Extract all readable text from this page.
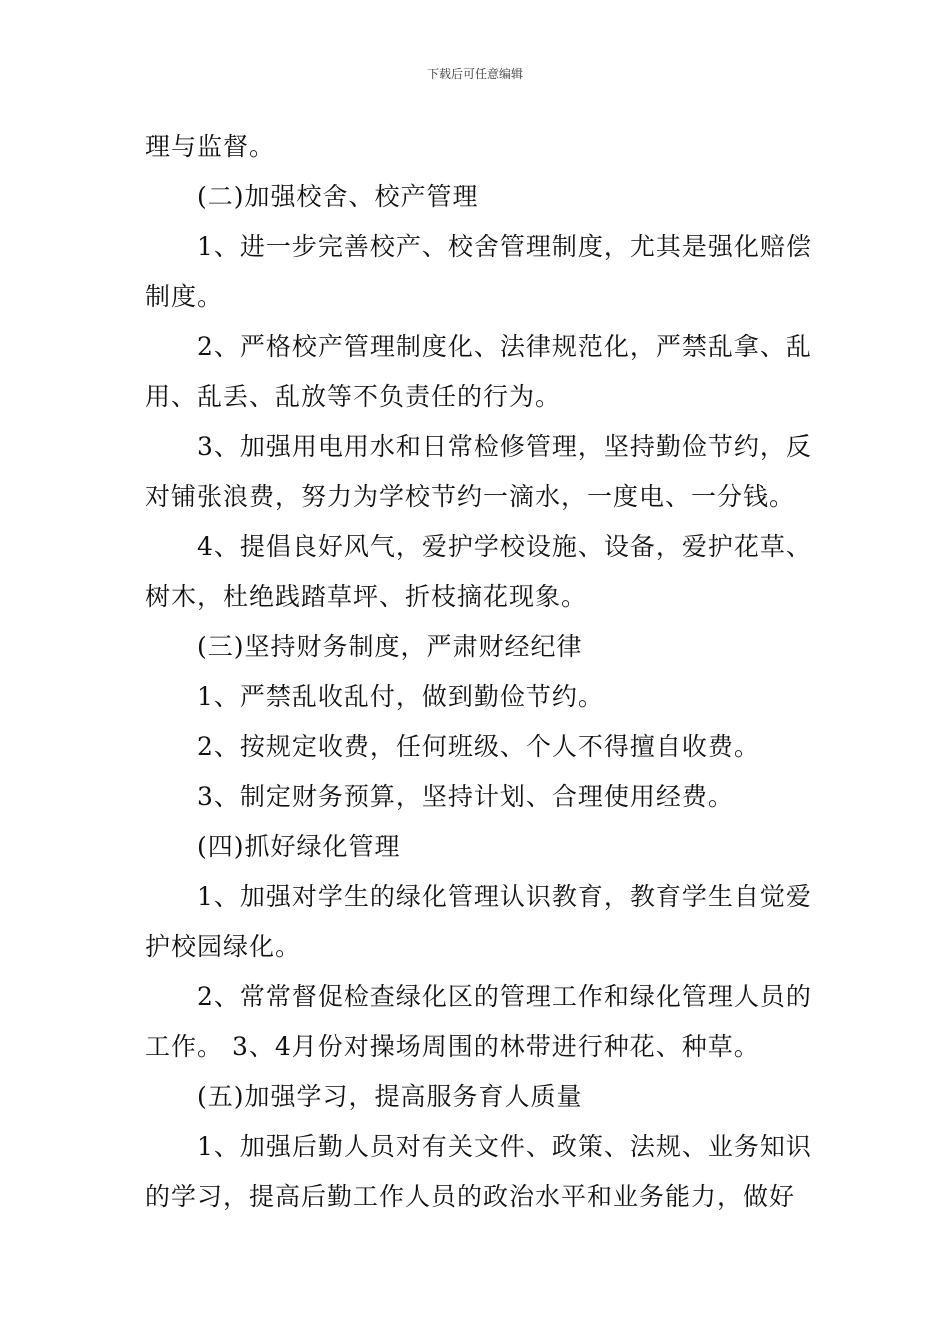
下载后可任意编辑
理与监督。
(二)加强校舍、校产管理
1、进一步完善校产、校舍管理制度，尤其是强化赔偿
制度。
2、严格校产管理制度化、法律规范化，严禁乱拿、乱
用、乱丢、乱放等不负责任的行为。
3、加强用电用水和日常检修管理，坚持勤俭节约，反
对铺张浪费，努力为学校节约一滴水，一度电、一分钱。
4、提倡良好风气，爱护学校设施、设备，爱护花草、
树木，杜绝践踏草坪、折枝摘花现象。
(三)坚持财务制度，严肃财经纪律
1、严禁乱收乱付，做到勤俭节约。
2、按规定收费，任何班级、个人不得擅自收费。
3、制定财务预算，坚持计划、合理使用经费。
(四)抓好绿化管理
1、加强对学生的绿化管理认识教育，教育学生自觉爱
护校园绿化。
2、常常督促检查绿化区的管理工作和绿化管理人员的
工作。 3、4月份对操场周围的林带进行种花、种草。
(五)加强学习，提高服务育人质量
1、加强后勤人员对有关文件、政策、法规、业务知识
的学习，提高后勤工作人员的政治水平和业务能力，做好
